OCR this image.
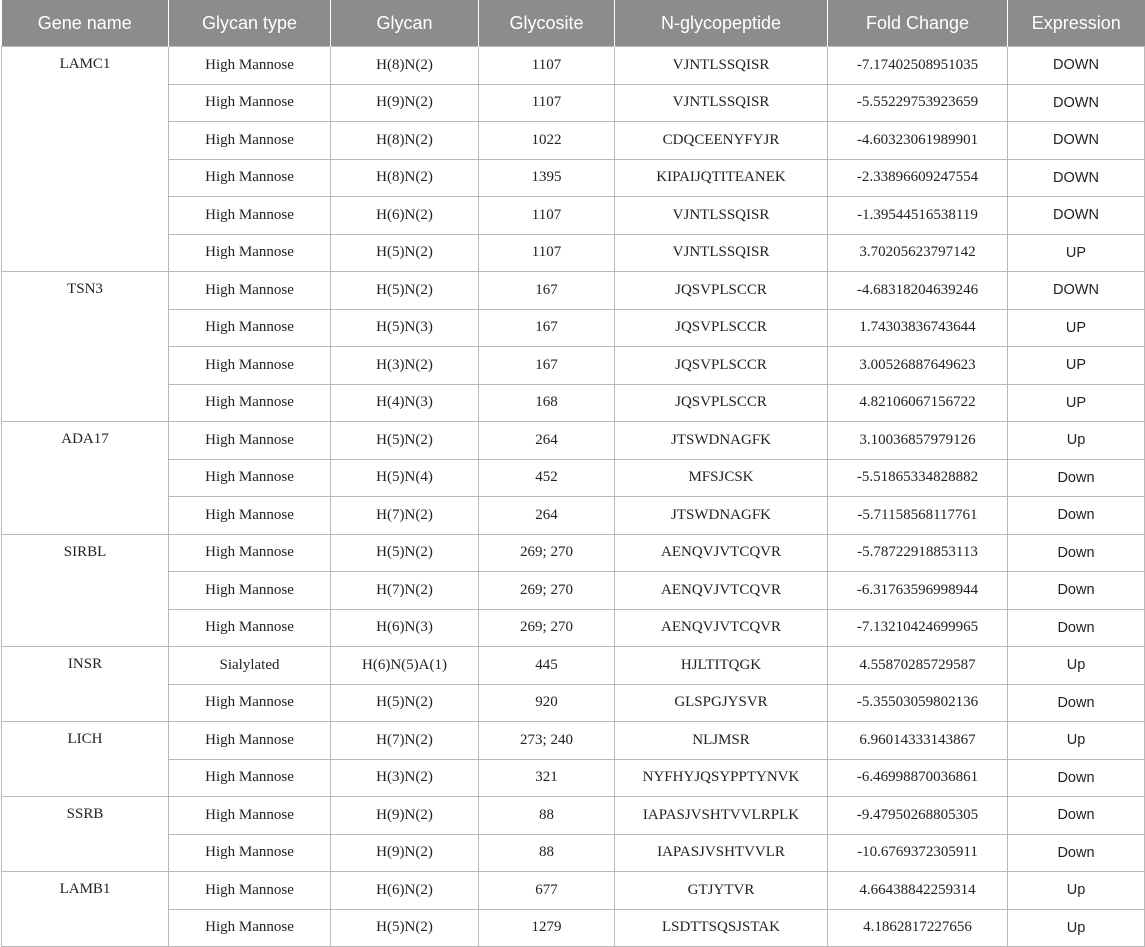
Gene name	Glycan type	Glycan	Glycosite	N-glycopeptide	Fold Change	Expression
LAMC1	High Mannose	H(8)N(2)	1107	VJNTLSSQISR	-7.17402508951035	DOWN
	High Mannose	H(9)N(2)	1107	VJNTLSSQISR	-5.55229753923659	DOWN
	High Mannose	H(8)N(2)	1022	CDQCEENYFYJR	-4.60323061989901	DOWN
	High Mannose	H(8)N(2)	1395	KIPAIJQTITEANEK	-2.33896609247554	DOWN
	High Mannose	H(6)N(2)	1107	VJNTLSSQISR	-1.39544516538119	DOWN
	High Mannose	H(5)N(2)	1107	VJNTLSSQISR	3.70205623797142	UP
TSN3	High Mannose	H(5)N(2)	167	JQSVPLSCCR	-4.68318204639246	DOWN
	High Mannose	H(5)N(3)	167	JQSVPLSCCR	1.74303836743644	UP
	High Mannose	H(3)N(2)	167	JQSVPLSCCR	3.00526887649623	UP
	High Mannose	H(4)N(3)	168	JQSVPLSCCR	4.82106067156722	UP
ADA17	High Mannose	H(5)N(2)	264	JTSWDNAGFK	3.10036857979126	Up
	High Mannose	H(5)N(4)	452	MFSJCSK	-5.51865334828882	Down
	High Mannose	H(7)N(2)	264	JTSWDNAGFK	-5.71158568117761	Down
SIRBL	High Mannose	H(5)N(2)	269; 270	AENQVJVTCQVR	-5.78722918853113	Down
	High Mannose	H(7)N(2)	269; 270	AENQVJVTCQVR	-6.31763596998944	Down
	High Mannose	H(6)N(3)	269; 270	AENQVJVTCQVR	-7.13210424699965	Down
INSR	Sialylated	H(6)N(5)A(1)	445	HJLTITQGK	4.55870285729587	Up
	High Mannose	H(5)N(2)	920	GLSPGJYSVR	-5.35503059802136	Down
LICH	High Mannose	H(7)N(2)	273; 240	NLJMSR	6.96014333143867	Up
	High Mannose	H(3)N(2)	321	NYFHYJQSYPPTYNVK	-6.46998870036861	Down
SSRB	High Mannose	H(9)N(2)	88	IAPASJVSHTVVLRPLK	-9.47950268805305	Down
	High Mannose	H(9)N(2)	88	IAPASJVSHTVVLR	-10.6769372305911	Down
LAMB1	High Mannose	H(6)N(2)	677	GTJYTVR	4.66438842259314	Up
	High Mannose	H(5)N(2)	1279	LSDTTSQSJSTAK	4.1862817227656	Up
